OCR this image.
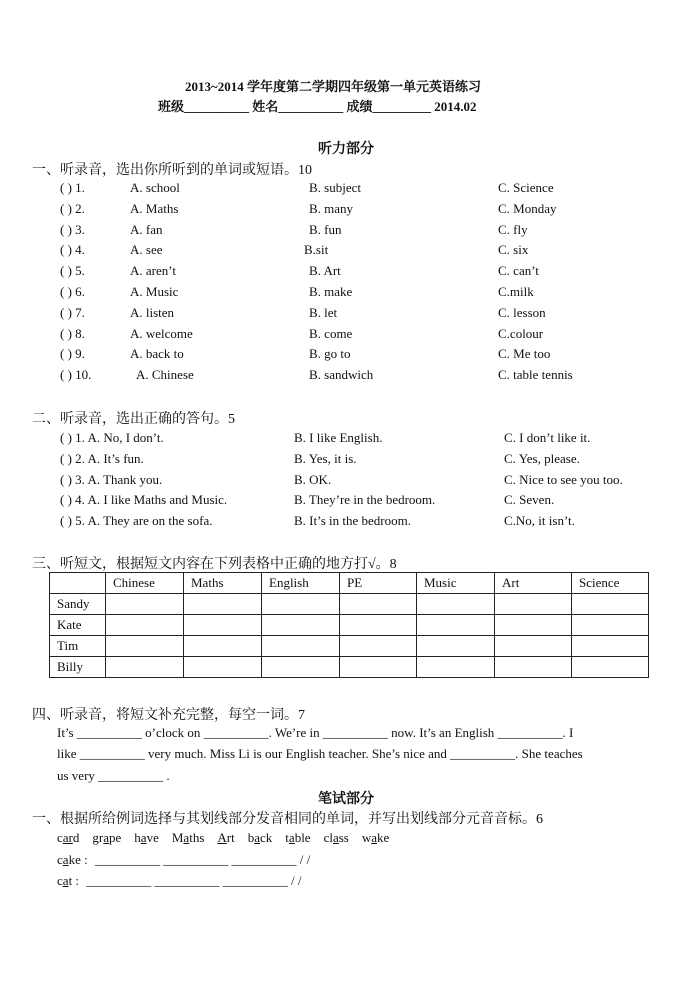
2013~2014 学年度第二学期四年级第一单元英语练习
班级__________ 姓名__________ 成绩_________ 2014.02
听力部分
一、听录音，选出你所听到的单词或短语。10
( ) 1.	A. school	B. subject	C. Science
( ) 2.	A. Maths	B. many	C. Monday
( ) 3.	A. fan	B. fun	C. fly
( ) 4.	A. see	B.sit	C. six
( ) 5.	A. aren’t	B. Art	C. can’t
( ) 6.	A. Music	B. make	C.milk
( ) 7.	A. listen	B. let	C. lesson
( ) 8.	A. welcome	B. come	C.colour
( ) 9.	A. back to	B. go to	C. Me too
( ) 10.	A. Chinese	B. sandwich	C. table tennis
二、听录音，选出正确的答句。5
( ) 1. A. No, I don’t.	B. I like English.	C. I don’t like it.
( ) 2. A. It’s fun.	B. Yes, it is.	C. Yes, please.
( ) 3. A. Thank you.	B. OK.	C. Nice to see you too.
( ) 4. A. I like Maths and Music.	B. They’re in the bedroom.	C. Seven.
( ) 5. A. They are on the sofa.	B. It’s in the bedroom.	C.No, it isn’t.
三、听短文，根据短文内容在下列表格中正确的地方打√。8
	Chinese	Maths	English	PE	Music	Art	Science
Sandy							
Kate							
Tim							
Billy							
四、听录音，将短文补充完整，每空一词。7
It’s __________ o’clock on __________. We’re in __________ now. It’s an English __________. I
like __________ very much. Miss Li is our English teacher. She’s nice and __________. She teaches
us very __________ .
笔试部分
一、根据所给例词选择与其划线部分发音相同的单词，并写出划线部分元音音标。6
card grape have Maths Art back table class wake
cake : __________ __________ __________ / /
cat : __________ __________ __________ / /
